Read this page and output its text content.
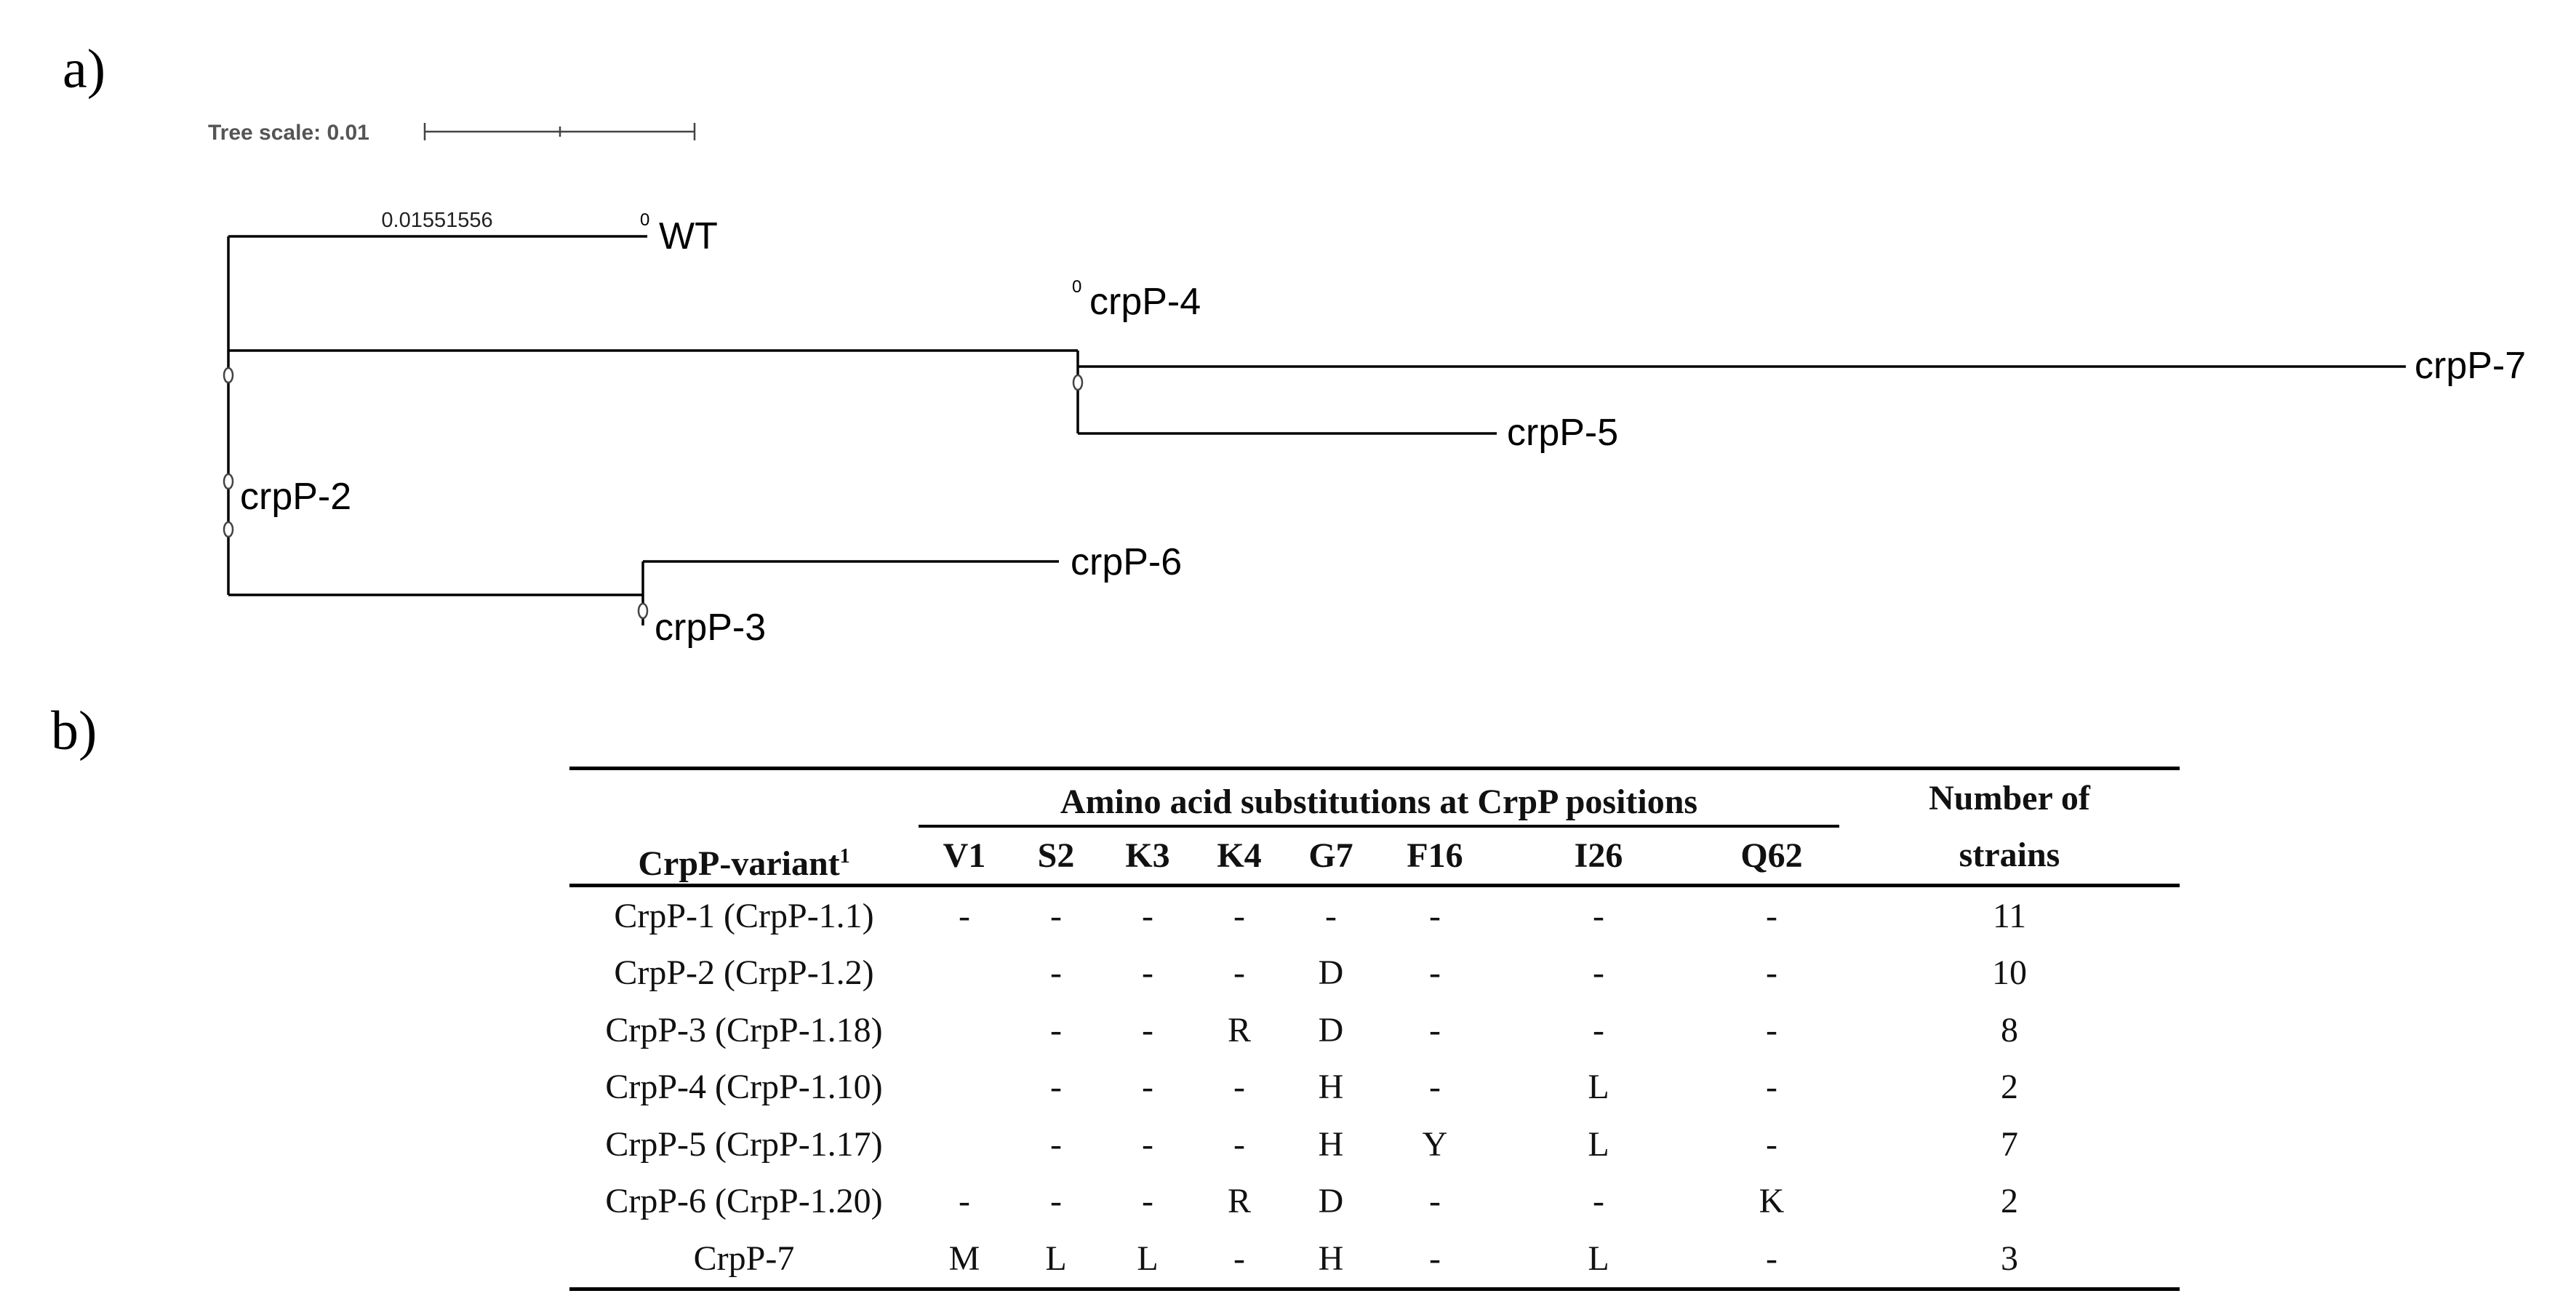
a)
b)
Tree scale: 0.01
0.01551556	0
0
WT
crpP-2
crpP-3
crpP-4
crpP-5
crpP-6
crpP-7
CrpP-variant$^1$	Amino acid substitutions at CrpP positions								Number of
strains
	V1	S2	K3	K4	G7	F16	I26	Q62	
CrpP-1 (CrpP-1.1)	-	-	-	-	-	-	-	-	11
CrpP-2 (CrpP-1.2)		-	-	-	D	-	-	-	10
CrpP-3 (CrpP-1.18)		-	-	R	D	-	-	-	8
CrpP-4 (CrpP-1.10)		-	-	-	H	-	L	-	2
CrpP-5 (CrpP-1.17)		-	-	-	H	Y	L	-	7
CrpP-6 (CrpP-1.20)	-	-	-	R	D	-	-	K	2
CrpP-7	M	L	L	-	H	-	L	-	3
